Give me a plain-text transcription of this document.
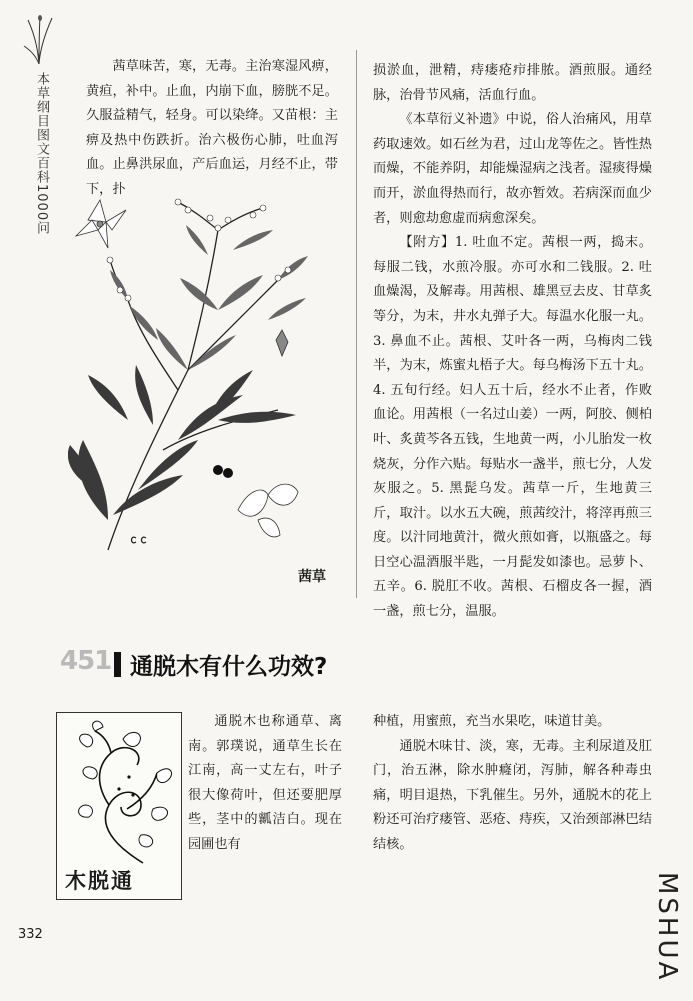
本草纲目图文百科1000问

茜草味苦，寒，无毒。主治寒湿风痹，黄疸，补中。止血，内崩下血，膀胱不足。久服益精气，轻身。可以染绛。又苗根：主痹及热中伤跌折。治六极伤心肺，吐血泻血。止鼻洪尿血，产后血运，月经不止，带下，扑

茜草

损淤血，泄精，痔瘘疮疖排脓。酒煎服。通经脉，治骨节风痛，活血行血。

《本草衍义补遗》中说，俗人治痛风，用草药取速效。如石丝为君，过山龙等佐之。皆性热而燥，不能养阴，却能燥湿病之浅者。湿痰得燥而开，淤血得热而行，故亦暂效。若病深而血少者，则愈劫愈虚而病愈深矣。

【附方】1. 吐血不定。茜根一两，捣末。每服二钱，水煎冷服。亦可水和二钱服。2. 吐血燥渴，及解毒。用茜根、雄黑豆去皮、甘草炙等分，为末，井水丸弹子大。每温水化服一丸。3. 鼻血不止。茜根、艾叶各一两，乌梅肉二钱半，为末，炼蜜丸梧子大。每乌梅汤下五十丸。4. 五旬行经。妇人五十后，经水不止者，作败血论。用茜根（一名过山姜）一两，阿胶、侧柏叶、炙黄芩各五钱，生地黄一两，小儿胎发一枚烧灰，分作六贴。每贴水一盏半，煎七分，人发灰服之。5. 黑髭乌发。茜草一斤，生地黄三斤，取汁。以水五大碗，煎茜绞汁，将滓再煎三度。以汁同地黄汁，微火煎如膏，以瓶盛之。每日空心温酒服半匙，一月髭发如漆也。忌萝卜、五辛。6. 脱肛不收。茜根、石榴皮各一握，酒一盏，煎七分，温服。

451 通脱木有什么功效?
木脱通

通脱木也称通草、离南。郭璞说，通草生长在江南，高一丈左右，叶子很大像荷叶，但还要肥厚些，茎中的瓤洁白。现在园圃也有

种植，用蜜煎，充当水果吃，味道甘美。

通脱木味甘、淡，寒，无毒。主利尿道及肛门，治五淋，除水肿癃闭，泻肺，解各种毒虫痛，明目退热，下乳催生。另外，通脱木的花上粉还可治疗瘘管、恶疮、痔疾，又治颈部淋巴结结核。

332	MSHUA
